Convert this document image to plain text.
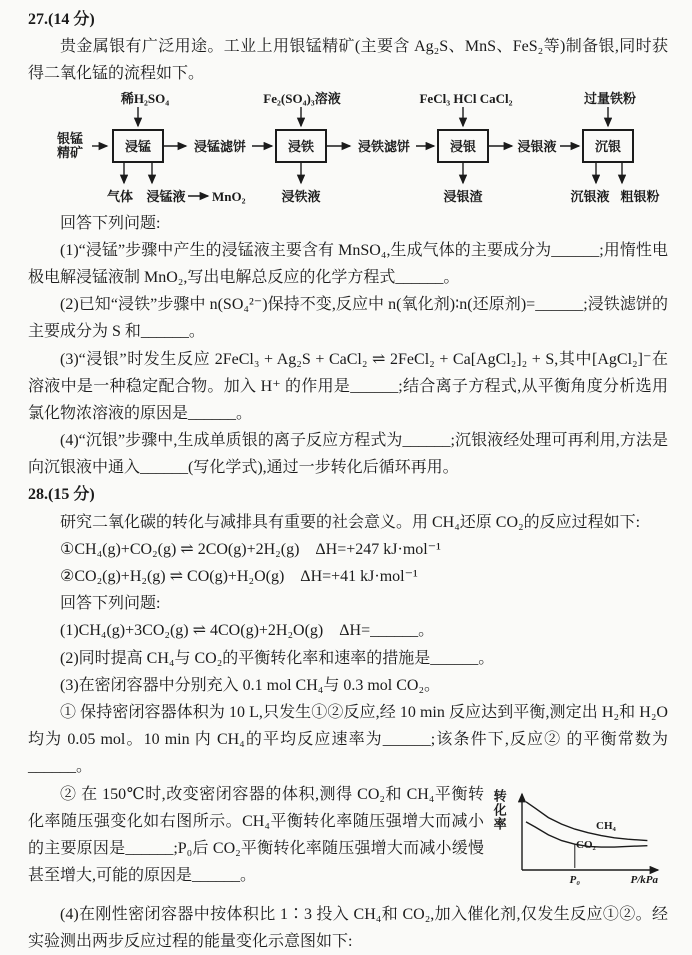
27.(14 分)

贵金属银有广泛用途。工业上用银锰精矿(主要含 Ag₂S、MnS、FeS₂等)制备银,同时获得二氧化锰的流程如下。

稀H₂SO₄	Fe₂(SO₄)₃溶液	FeCl₃ HCl CaCl₂	过量铁粉
银锰
精矿	浸锰	浸铁	浸银	沉银
浸锰滤饼	浸铁滤饼	浸银液
气体 浸锰液 MnO₂	浸铁液	浸银渣	沉银液 粗银粉

回答下列问题:

(1)“浸锰”步骤中产生的浸锰液主要含有 MnSO₄,生成气体的主要成分为______;用惰性电极电解浸锰液制 MnO₂,写出电解总反应的化学方程式______。

(2)已知“浸铁”步骤中 n(SO₄²⁻)保持不变,反应中 n(氧化剂)∶n(还原剂)=______;浸铁滤饼的主要成分为 S 和______。

(3)“浸银”时发生反应 2FeCl₃ + Ag₂S + CaCl₂ ⇌ 2FeCl₂ + Ca[AgCl₂]₂ + S,其中[AgCl₂]⁻在溶液中是一种稳定配合物。加入 H⁺ 的作用是______;结合离子方程式,从平衡角度分析选用氯化物浓溶液的原因是______。

(4)“沉银”步骤中,生成单质银的离子反应方程式为______;沉银液经处理可再利用,方法是向沉银液中通入______(写化学式),通过一步转化后循环再用。

28.(15 分)

研究二氧化碳的转化与减排具有重要的社会意义。用 CH₄还原 CO₂的反应过程如下:

①CH₄(g)+CO₂(g) ⇌ 2CO(g)+2H₂(g)　ΔH=+247 kJ·mol⁻¹

②CO₂(g)+H₂(g) ⇌ CO(g)+H₂O(g)　ΔH=+41 kJ·mol⁻¹

回答下列问题:

(1)CH₄(g)+3CO₂(g) ⇌ 4CO(g)+2H₂O(g)　ΔH=______。

(2)同时提高 CH₄与 CO₂的平衡转化率和速率的措施是______。

(3)在密闭容器中分别充入 0.1 mol CH₄与 0.3 mol CO₂。

① 保持密闭容器体积为 10 L,只发生①②反应,经 10 min 反应达到平衡,测定出 H₂和 H₂O 均为 0.05 mol。10 min 内 CH₄的平均反应速率为______;该条件下,反应② 的平衡常数为______。

转化率	CH₄
CO₂
P₀	P/kPa

② 在 150℃时,改变密闭容器的体积,测得 CO₂和 CH₄平衡转化率随压强变化如右图所示。CH₄平衡转化率随压强增大而减小的主要原因是______;P₀后 CO₂平衡转化率随压强增大而减小缓慢甚至增大,可能的原因是______。

(4)在刚性密闭容器中按体积比 1∶3 投入 CH₄和 CO₂,加入催化剂,仅发生反应①②。经实验测出两步反应过程的能量变化示意图如下:
